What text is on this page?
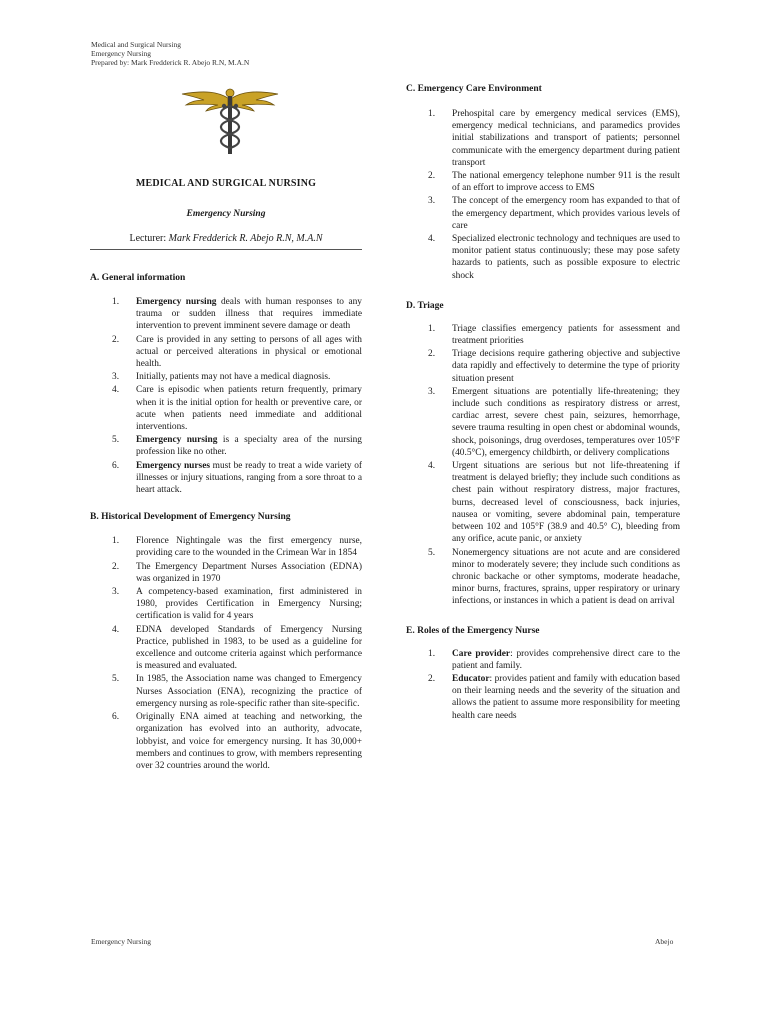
Medical and Surgical Nursing
Emergency Nursing
Prepared by: Mark Fredderick R. Abejo R.N, M.A.N

MEDICAL AND SURGICAL NURSING

Emergency Nursing
Lecturer: Mark Fredderick R. Abejo R.N, M.A.N

A. General information

1. Emergency nursing deals with human responses to any trauma or sudden illness that requires immediate intervention to prevent imminent severe damage or death
2. Care is provided in any setting to persons of all ages with actual or perceived alterations in physical or emotional health.
3. Initially, patients may not have a medical diagnosis.
4. Care is episodic when patients return frequently, primary when it is the initial option for health or preventive care, or acute when patients need immediate and additional interventions.
5. Emergency nursing is a specialty area of the nursing profession like no other.
6. Emergency nurses must be ready to treat a wide variety of illnesses or injury situations, ranging from a sore throat to a heart attack.

B. Historical Development of Emergency Nursing

1. Florence Nightingale was the first emergency nurse, providing care to the wounded in the Crimean War in 1854
2. The Emergency Department Nurses Association (EDNA) was organized in 1970
3. A competency-based examination, first administered in 1980, provides Certification in Emergency Nursing; certification is valid for 4 years
4. EDNA developed Standards of Emergency Nursing Practice, published in 1983, to be used as a guideline for excellence and outcome criteria against which performance is measured and evaluated.
5. In 1985, the Association name was changed to Emergency Nurses Association (ENA), recognizing the practice of emergency nursing as role-specific rather than site-specific.
6. Originally ENA aimed at teaching and networking, the organization has evolved into an authority, advocate, lobbyist, and voice for emergency nursing. It has 30,000+ members and continues to grow, with members representing over 32 countries around the world.

C. Emergency Care Environment

1. Prehospital care by emergency medical services (EMS), emergency medical technicians, and paramedics provides initial stabilizations and transport of patients; personnel communicate with the emergency department during patient transport
2. The national emergency telephone number 911 is the result of an effort to improve access to EMS
3. The concept of the emergency room has expanded to that of the emergency department, which provides various levels of care
4. Specialized electronic technology and techniques are used to monitor patient status continuously; these may pose safety hazards to patients, such as possible exposure to electric shock

D. Triage

1. Triage classifies emergency patients for assessment and treatment priorities
2. Triage decisions require gathering objective and subjective data rapidly and effectively to determine the type of priority situation present
3. Emergent situations are potentially life-threatening; they include such conditions as respiratory distress or arrest, cardiac arrest, severe chest pain, seizures, hemorrhage, severe trauma resulting in open chest or abdominal wounds, shock, poisonings, drug overdoses, temperatures over 105°F (40.5°C), emergency childbirth, or delivery complications
4. Urgent situations are serious but not life-threatening if treatment is delayed briefly; they include such conditions as chest pain without respiratory distress, major fractures, burns, decreased level of consciousness, back injuries, nausea or vomiting, severe abdominal pain, temperature between 102 and 105°F (38.9 and 40.5° C), bleeding from any orifice, acute panic, or anxiety
5. Nonemergency situations are not acute and are considered minor to moderately severe; they include such conditions as chronic backache or other symptoms, moderate headache, minor burns, fractures, sprains, upper respiratory or urinary infections, or instances in which a patient is dead on arrival

E. Roles of the Emergency Nurse

1. Care provider: provides comprehensive direct care to the patient and family.
2. Educator: provides patient and family with education based on their learning needs and the severity of the situation and allows the patient to assume more responsibility for meeting health care needs
Emergency Nursing	Abejo
